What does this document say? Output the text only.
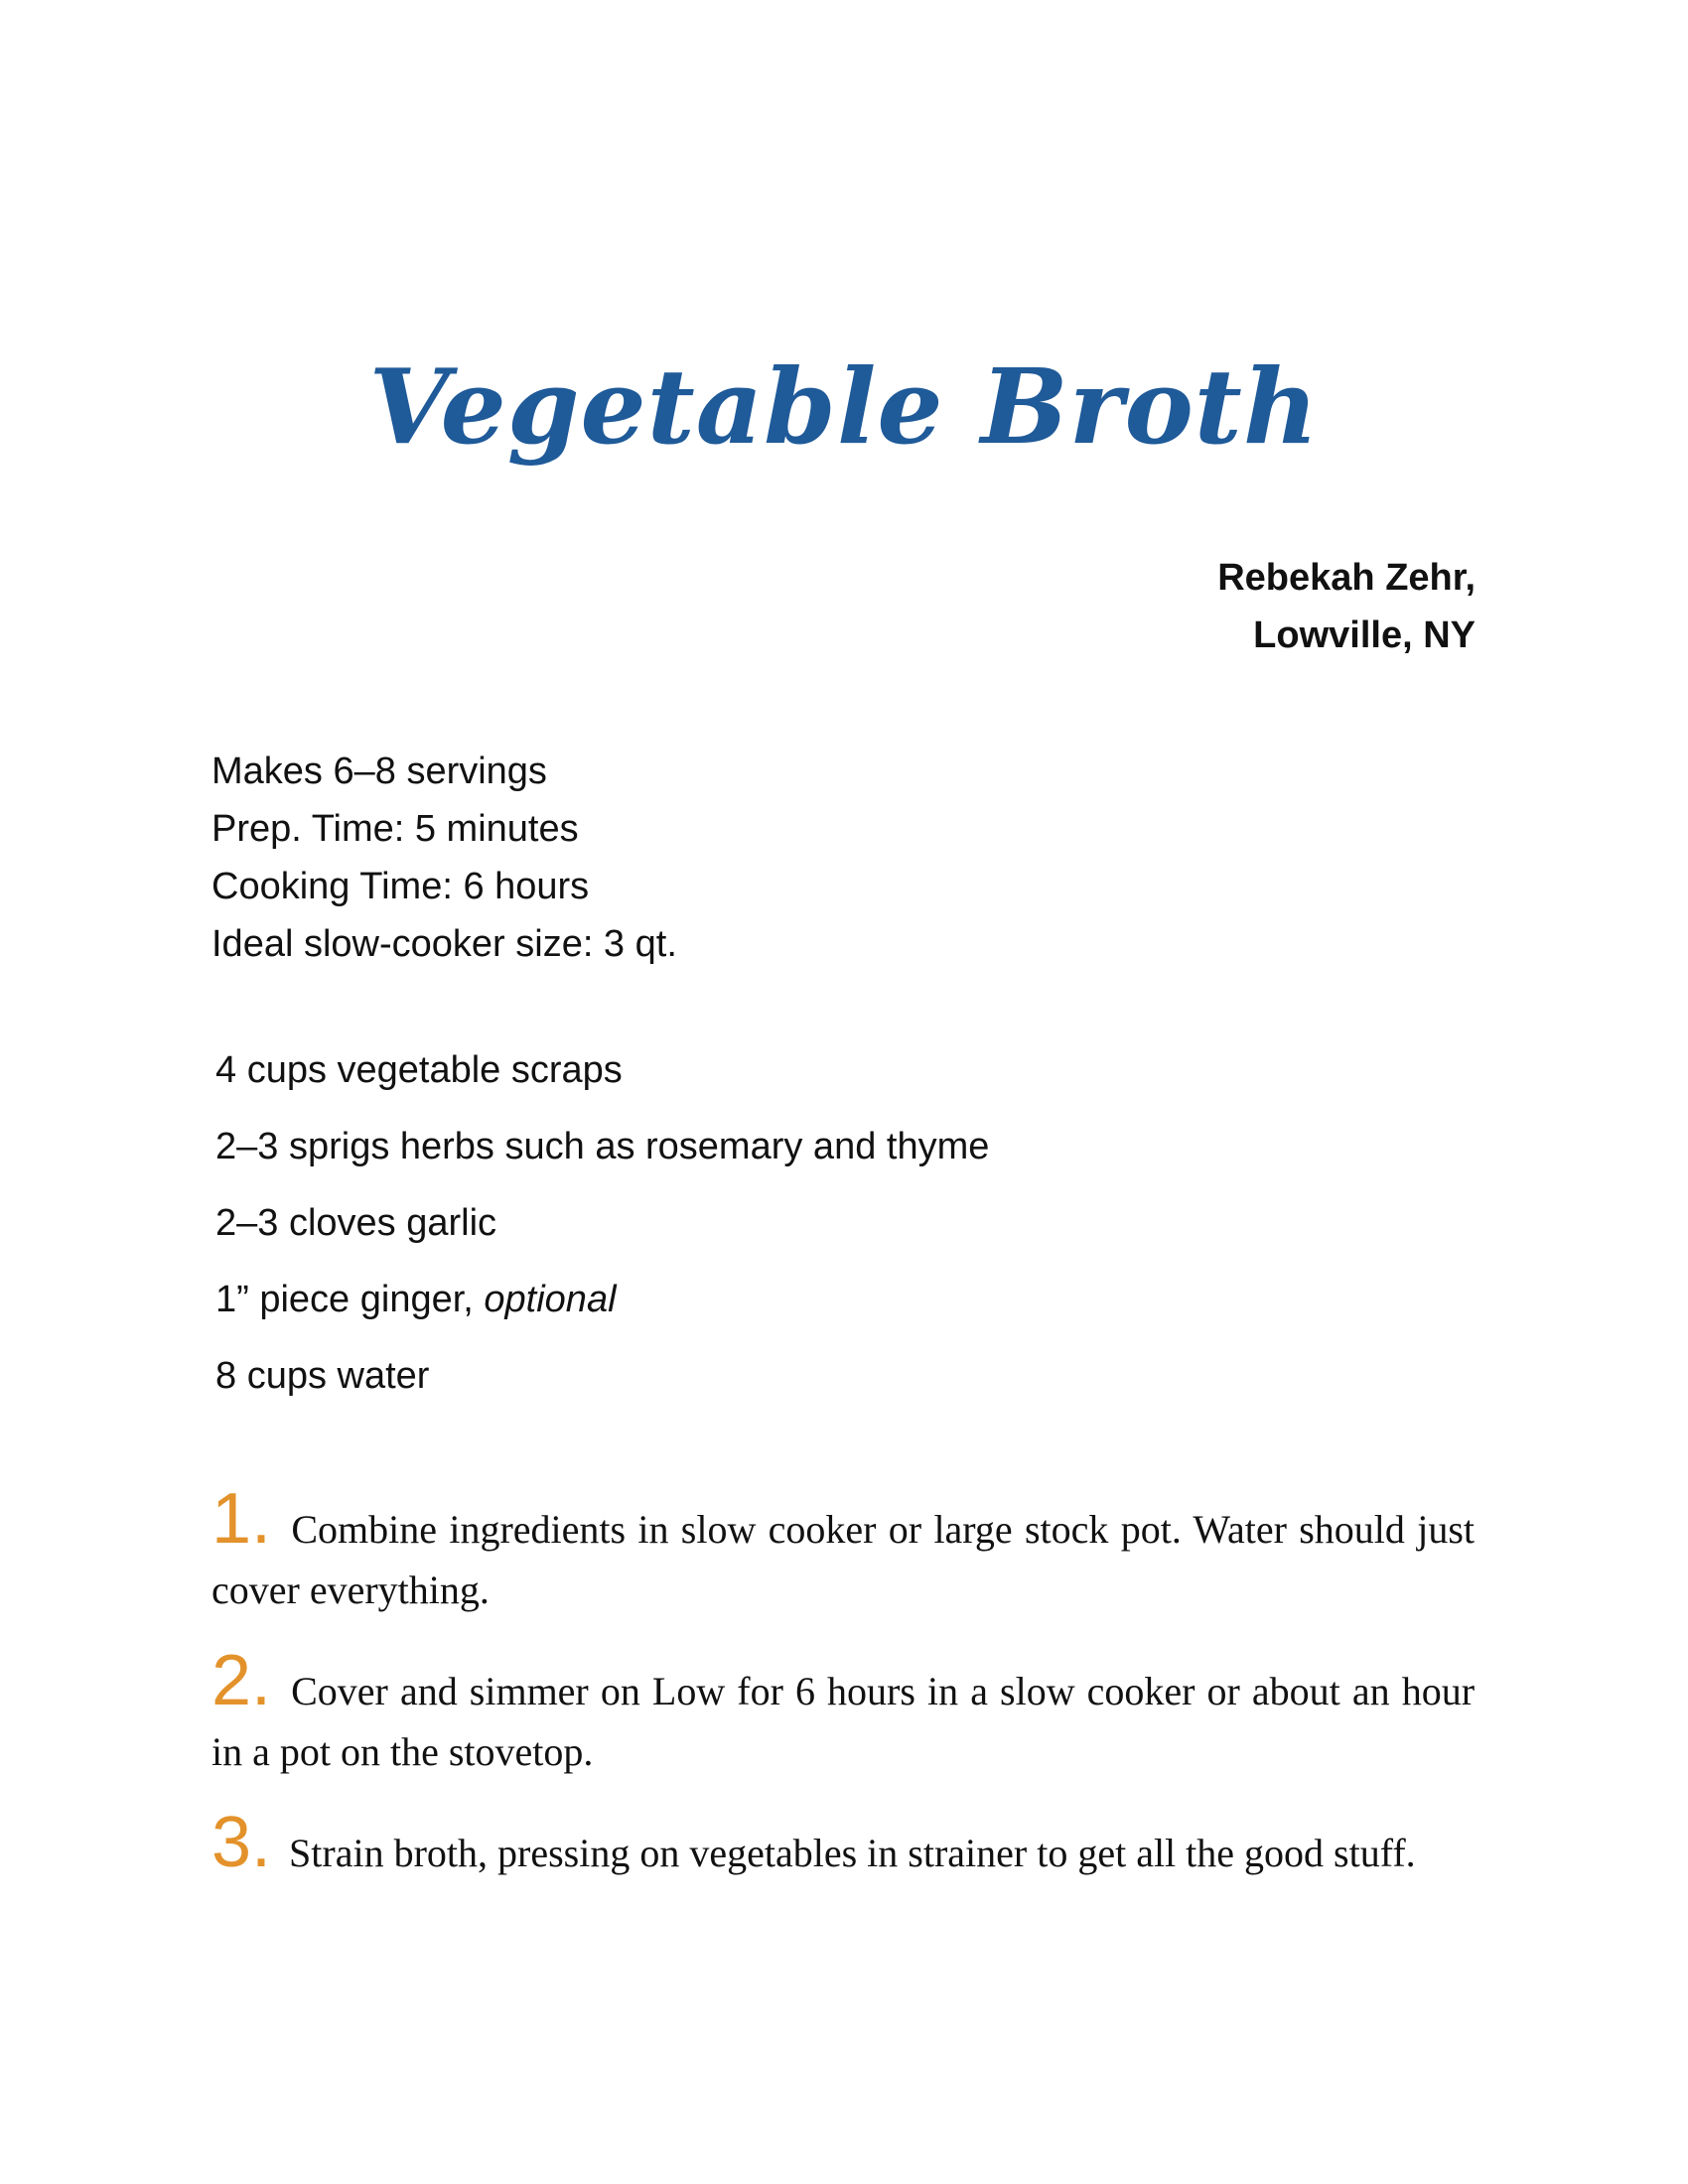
Vegetable Broth
Rebekah Zehr,
Lowville, NY
Makes 6–8 servings
Prep. Time: 5 minutes
Cooking Time: 6 hours
Ideal slow-cooker size: 3 qt.
4 cups vegetable scraps
2–3 sprigs herbs such as rosemary and thyme
2–3 cloves garlic
1” piece ginger, optional
8 cups water
1. Combine ingredients in slow cooker or large stock pot. Water should just cover everything.
2. Cover and simmer on Low for 6 hours in a slow cooker or about an hour in a pot on the stovetop.
3. Strain broth, pressing on vegetables in strainer to get all the good stuff.
